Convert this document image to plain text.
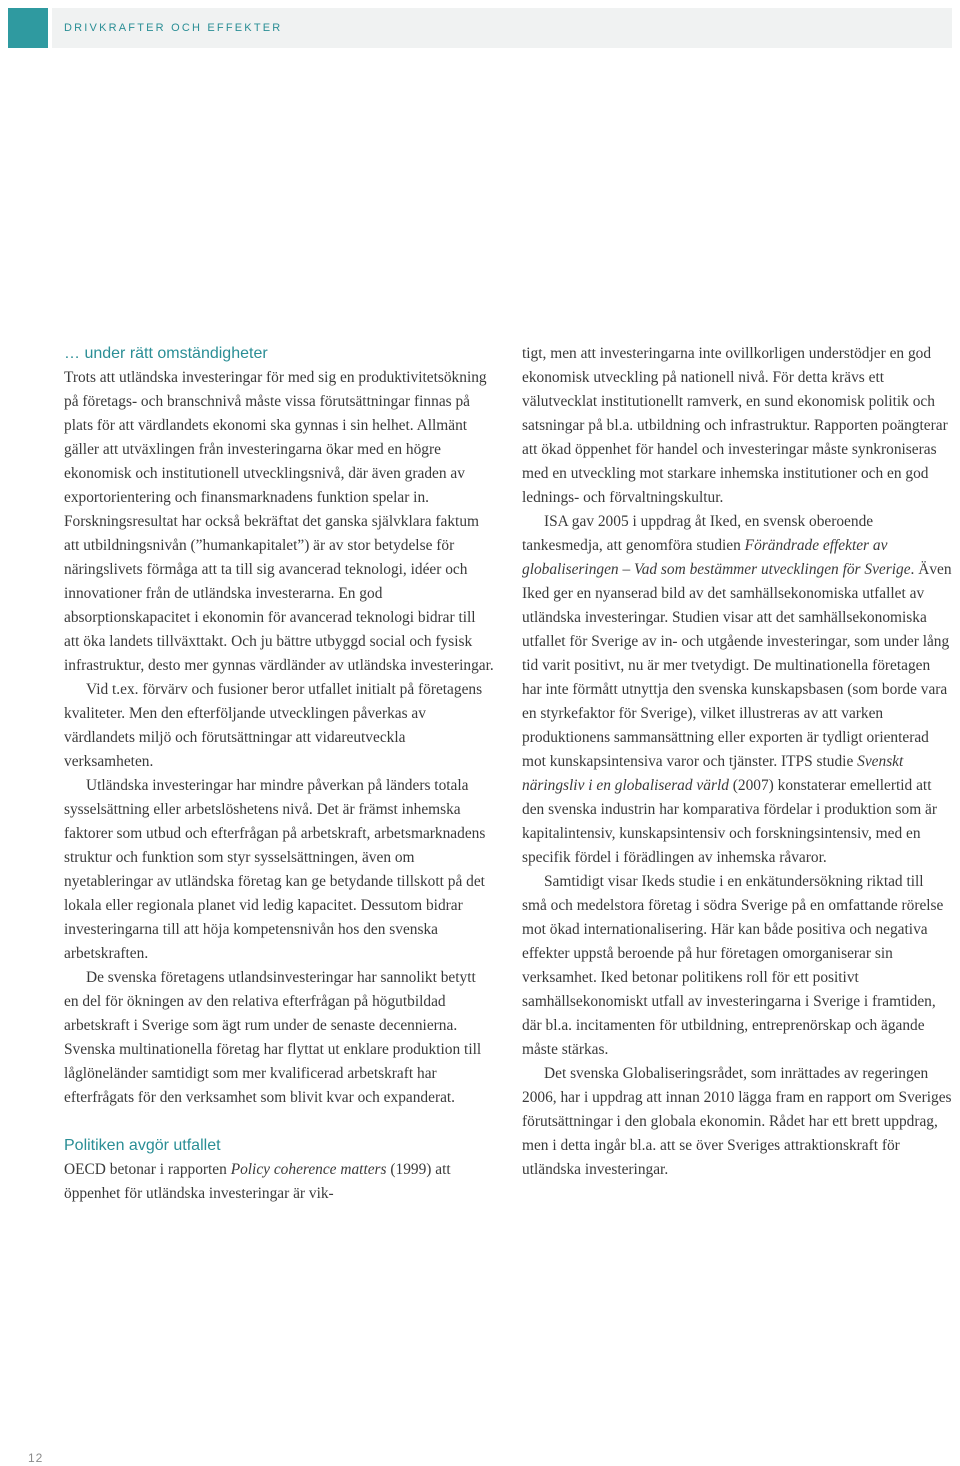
DRIVKRAFTER OCH EFFEKTER

… under rätt omständigheter

Trots att utländska investeringar för med sig en produktivitetsökning på företags- och branschnivå måste vissa förutsättningar finnas på plats för att värdlandets ekonomi ska gynnas i sin helhet. Allmänt gäller att utväxlingen från investeringarna ökar med en högre ekonomisk och institutionell utvecklingsnivå, där även graden av exportorientering och finansmarknadens funktion spelar in. Forskningsresultat har också bekräftat det ganska självklara faktum att utbildningsnivån (”humankapitalet”) är av stor betydelse för näringslivets förmåga att ta till sig avancerad teknologi, idéer och innovationer från de utländska investerarna. En god absorptionskapacitet i ekonomin för avancerad teknologi bidrar till att öka landets tillväxttakt. Och ju bättre utbyggd social och fysisk infrastruktur, desto mer gynnas värdländer av utländska investeringar.

Vid t.ex. förvärv och fusioner beror utfallet initialt på företagens kvaliteter. Men den efterföljande utvecklingen påverkas av värdlandets miljö och förutsättningar att vidareutveckla verksamheten.

Utländska investeringar har mindre påverkan på länders totala sysselsättning eller arbetslöshetens nivå. Det är främst inhemska faktorer som utbud och efterfrågan på arbetskraft, arbetsmarknadens struktur och funktion som styr sysselsättningen, även om nyetableringar av utländska företag kan ge betydande tillskott på det lokala eller regionala planet vid ledig kapacitet. Dessutom bidrar investeringarna till att höja kompetensnivån hos den svenska arbetskraften.

De svenska företagens utlandsinvesteringar har sannolikt betytt en del för ökningen av den relativa efterfrågan på högutbildad arbetskraft i Sverige som ägt rum under de senaste decennierna. Svenska multinationella företag har flyttat ut enklare produktion till låglöneländer samtidigt som mer kvalificerad arbetskraft har efterfrågats för den verksamhet som blivit kvar och expanderat.

Politiken avgör utfallet

OECD betonar i rapporten Policy coherence matters (1999) att öppenhet för utländska investeringar är vik-

tigt, men att investeringarna inte ovillkorligen understödjer en god ekonomisk utveckling på nationell nivå. För detta krävs ett välutvecklat institutionellt ramverk, en sund ekonomisk politik och satsningar på bl.a. utbildning och infrastruktur. Rapporten poängterar att ökad öppenhet för handel och investeringar måste synkroniseras med en utveckling mot starkare inhemska institutioner och en god lednings- och förvaltningskultur.

ISA gav 2005 i uppdrag åt Iked, en svensk oberoende tankesmedja, att genomföra studien Förändrade effekter av globaliseringen – Vad som bestämmer utvecklingen för Sverige. Även Iked ger en nyanserad bild av det samhällsekonomiska utfallet av utländska investeringar. Studien visar att det samhällsekonomiska utfallet för Sverige av in- och utgående investeringar, som under lång tid varit positivt, nu är mer tvetydigt. De multinationella företagen har inte förmått utnyttja den svenska kunskapsbasen (som borde vara en styrkefaktor för Sverige), vilket illustreras av att varken produktionens sammansättning eller exporten är tydligt orienterad mot kunskapsintensiva varor och tjänster. ITPS studie Svenskt näringsliv i en globaliserad värld (2007) konstaterar emellertid att den svenska industrin har komparativa fördelar i produktion som är kapitalintensiv, kunskapsintensiv och forskningsintensiv, med en specifik fördel i förädlingen av inhemska råvaror.

Samtidigt visar Ikeds studie i en enkätundersökning riktad till små och medelstora företag i södra Sverige på en omfattande rörelse mot ökad internationalisering. Här kan både positiva och negativa effekter uppstå beroende på hur företagen omorganiserar sin verksamhet. Iked betonar politikens roll för ett positivt samhällsekonomiskt utfall av investeringarna i Sverige i framtiden, där bl.a. incitamenten för utbildning, entreprenörskap och ägande måste stärkas.

Det svenska Globaliseringsrådet, som inrättades av regeringen 2006, har i uppdrag att innan 2010 lägga fram en rapport om Sveriges förutsättningar i den globala ekonomin. Rådet har ett brett uppdrag, men i detta ingår bl.a. att se över Sveriges attraktionskraft för utländska investeringar.

12
